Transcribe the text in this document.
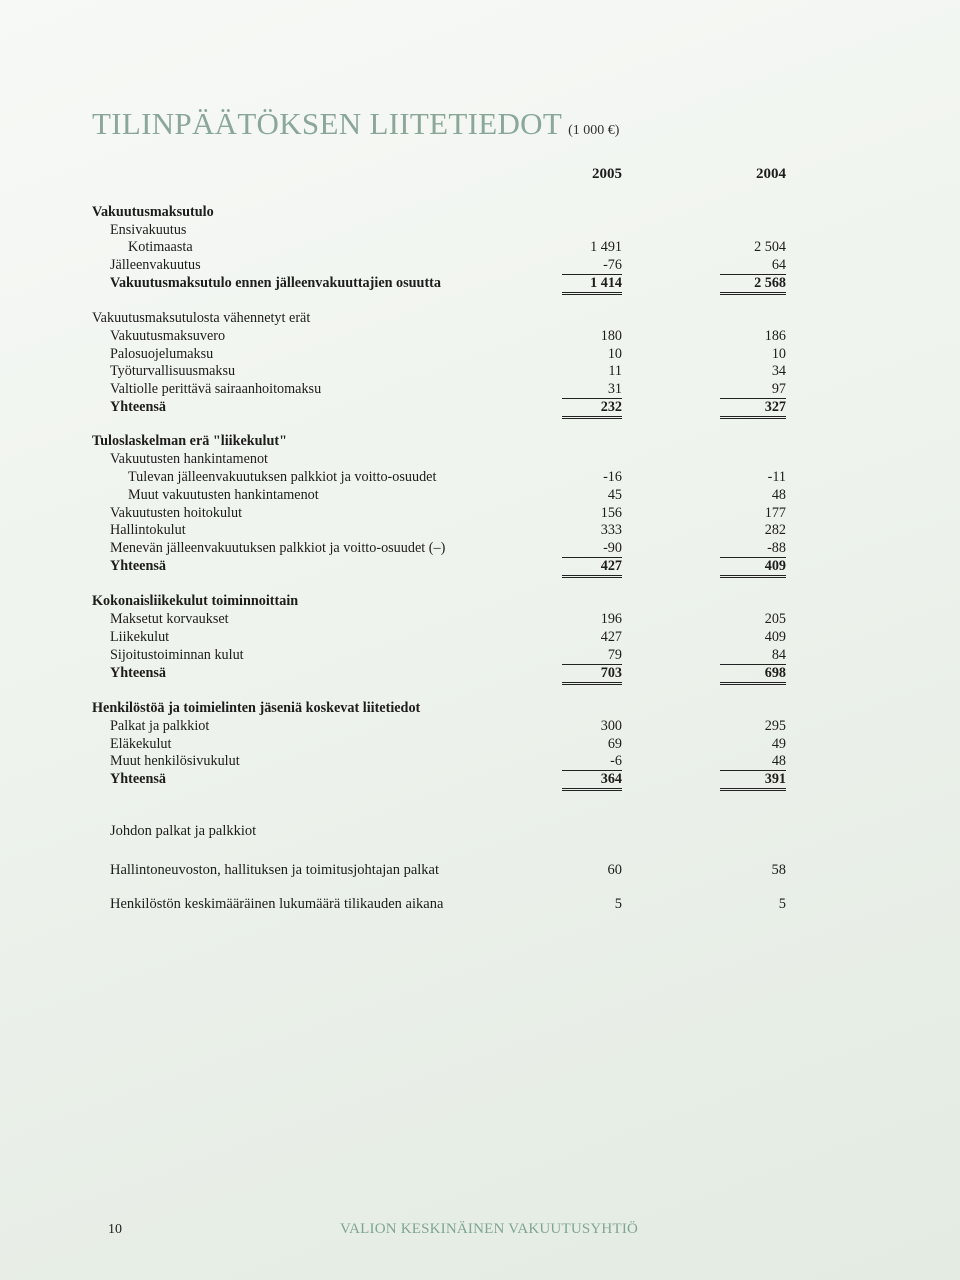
TILINPÄÄTÖKSEN LIITETIEDOT (1 000 €)
2005	2004
Vakuutusmaksutulo
Ensivakuutus
Kotimaasta	1 491	2 504
Jälleenvakuutus	-76	64
Vakuutusmaksutulo ennen jälleenvakuuttajien osuutta	1 414	2 568
Vakuutusmaksutulosta vähennetyt erät
Vakuutusmaksuvero	180	186
Palosuojelumaksu	10	10
Työturvallisuusmaksu	11	34
Valtiolle perittävä sairaanhoitomaksu	31	97
Yhteensä	232	327
Tuloslaskelman erä "liikekulut"
Vakuutusten hankintamenot
Tulevan jälleenvakuutuksen palkkiot ja voitto-osuudet	-16	-11
Muut vakuutusten hankintamenot	45	48
Vakuutusten hoitokulut	156	177
Hallintokulut	333	282
Menevän jälleenvakuutuksen palkkiot ja voitto-osuudet (–)	-90	-88
Yhteensä	427	409
Kokonaisliikekulut toiminnoittain
Maksetut korvaukset	196	205
Liikekulut	427	409
Sijoitustoiminnan kulut	79	84
Yhteensä	703	698
Henkilöstöä ja toimielinten jäseniä koskevat liitetiedot
Palkat ja palkkiot	300	295
Eläkekulut	69	49
Muut henkilösivukulut	-6	48
Yhteensä	364	391
Johdon palkat ja palkkiot
Hallintoneuvoston, hallituksen ja toimitusjohtajan palkat	60	58
Henkilöstön keskimääräinen lukumäärä tilikauden aikana	5	5
10	VALION KESKINÄINEN VAKUUTUSYHTIÖ
